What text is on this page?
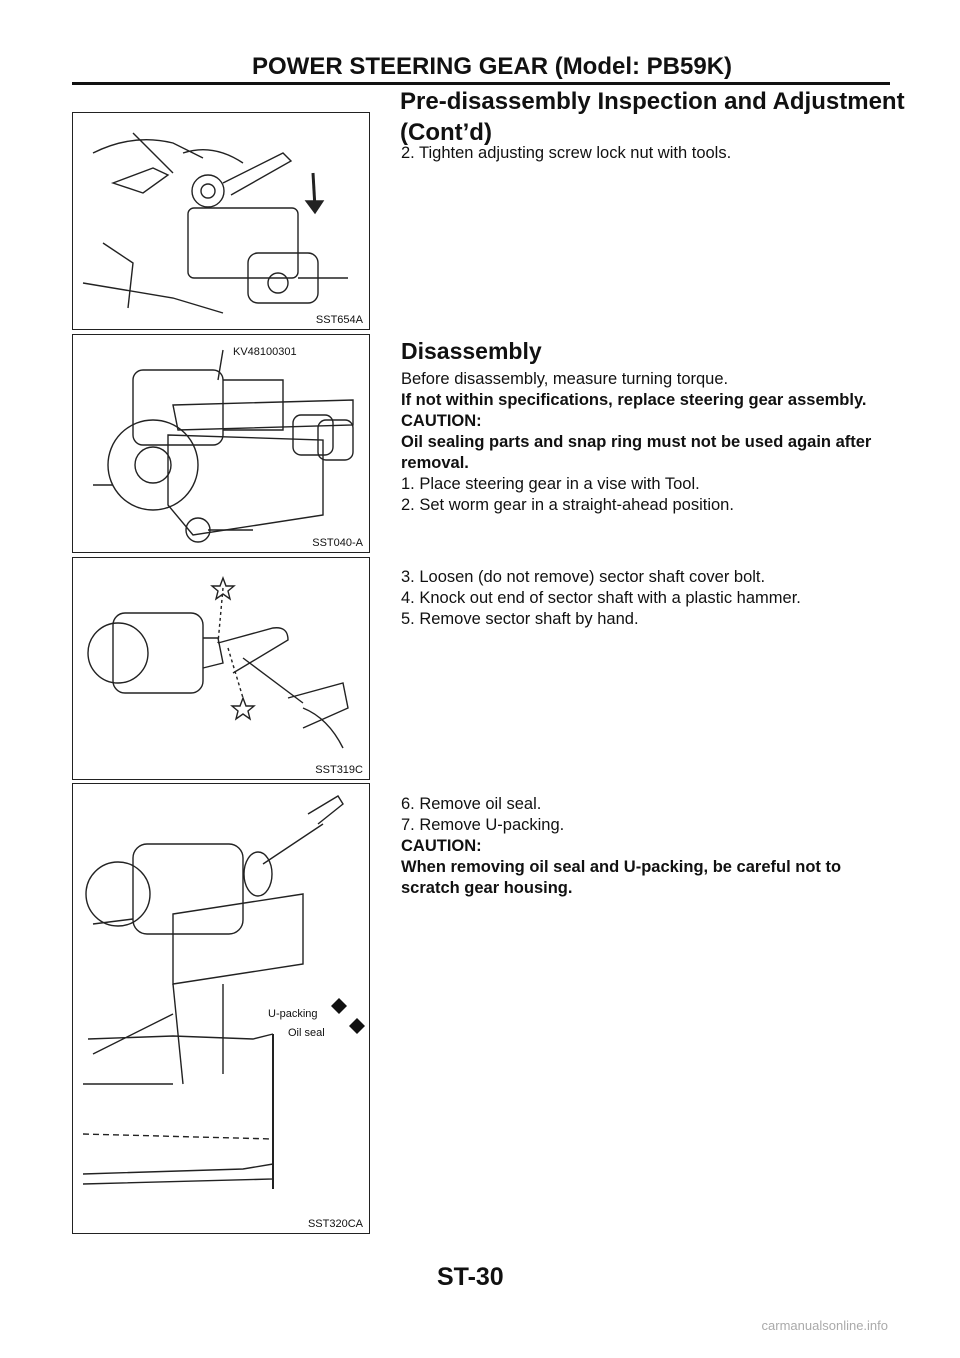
POWER STEERING GEAR (Model: PB59K)
Pre-disassembly Inspection and Adjustment
(Cont’d)
SST654A

2. Tighten adjusting screw lock nut with tools.

KV48100301
SST040-A
Disassembly

Before disassembly, measure turning torque.

If not within specifications, replace steering gear assembly.

CAUTION:

Oil sealing parts and snap ring must not be used again after removal.

1. Place steering gear in a vise with Tool.

2. Set worm gear in a straight-ahead position.

SST319C

3. Loosen (do not remove) sector shaft cover bolt.

4. Knock out end of sector shaft with a plastic hammer.

5. Remove sector shaft by hand.

U-packing
Oil seal
SST320CA

6. Remove oil seal.

7. Remove U-packing.

CAUTION:

When removing oil seal and U-packing, be careful not to scratch gear housing.

ST-30
carmanualsonline.info
